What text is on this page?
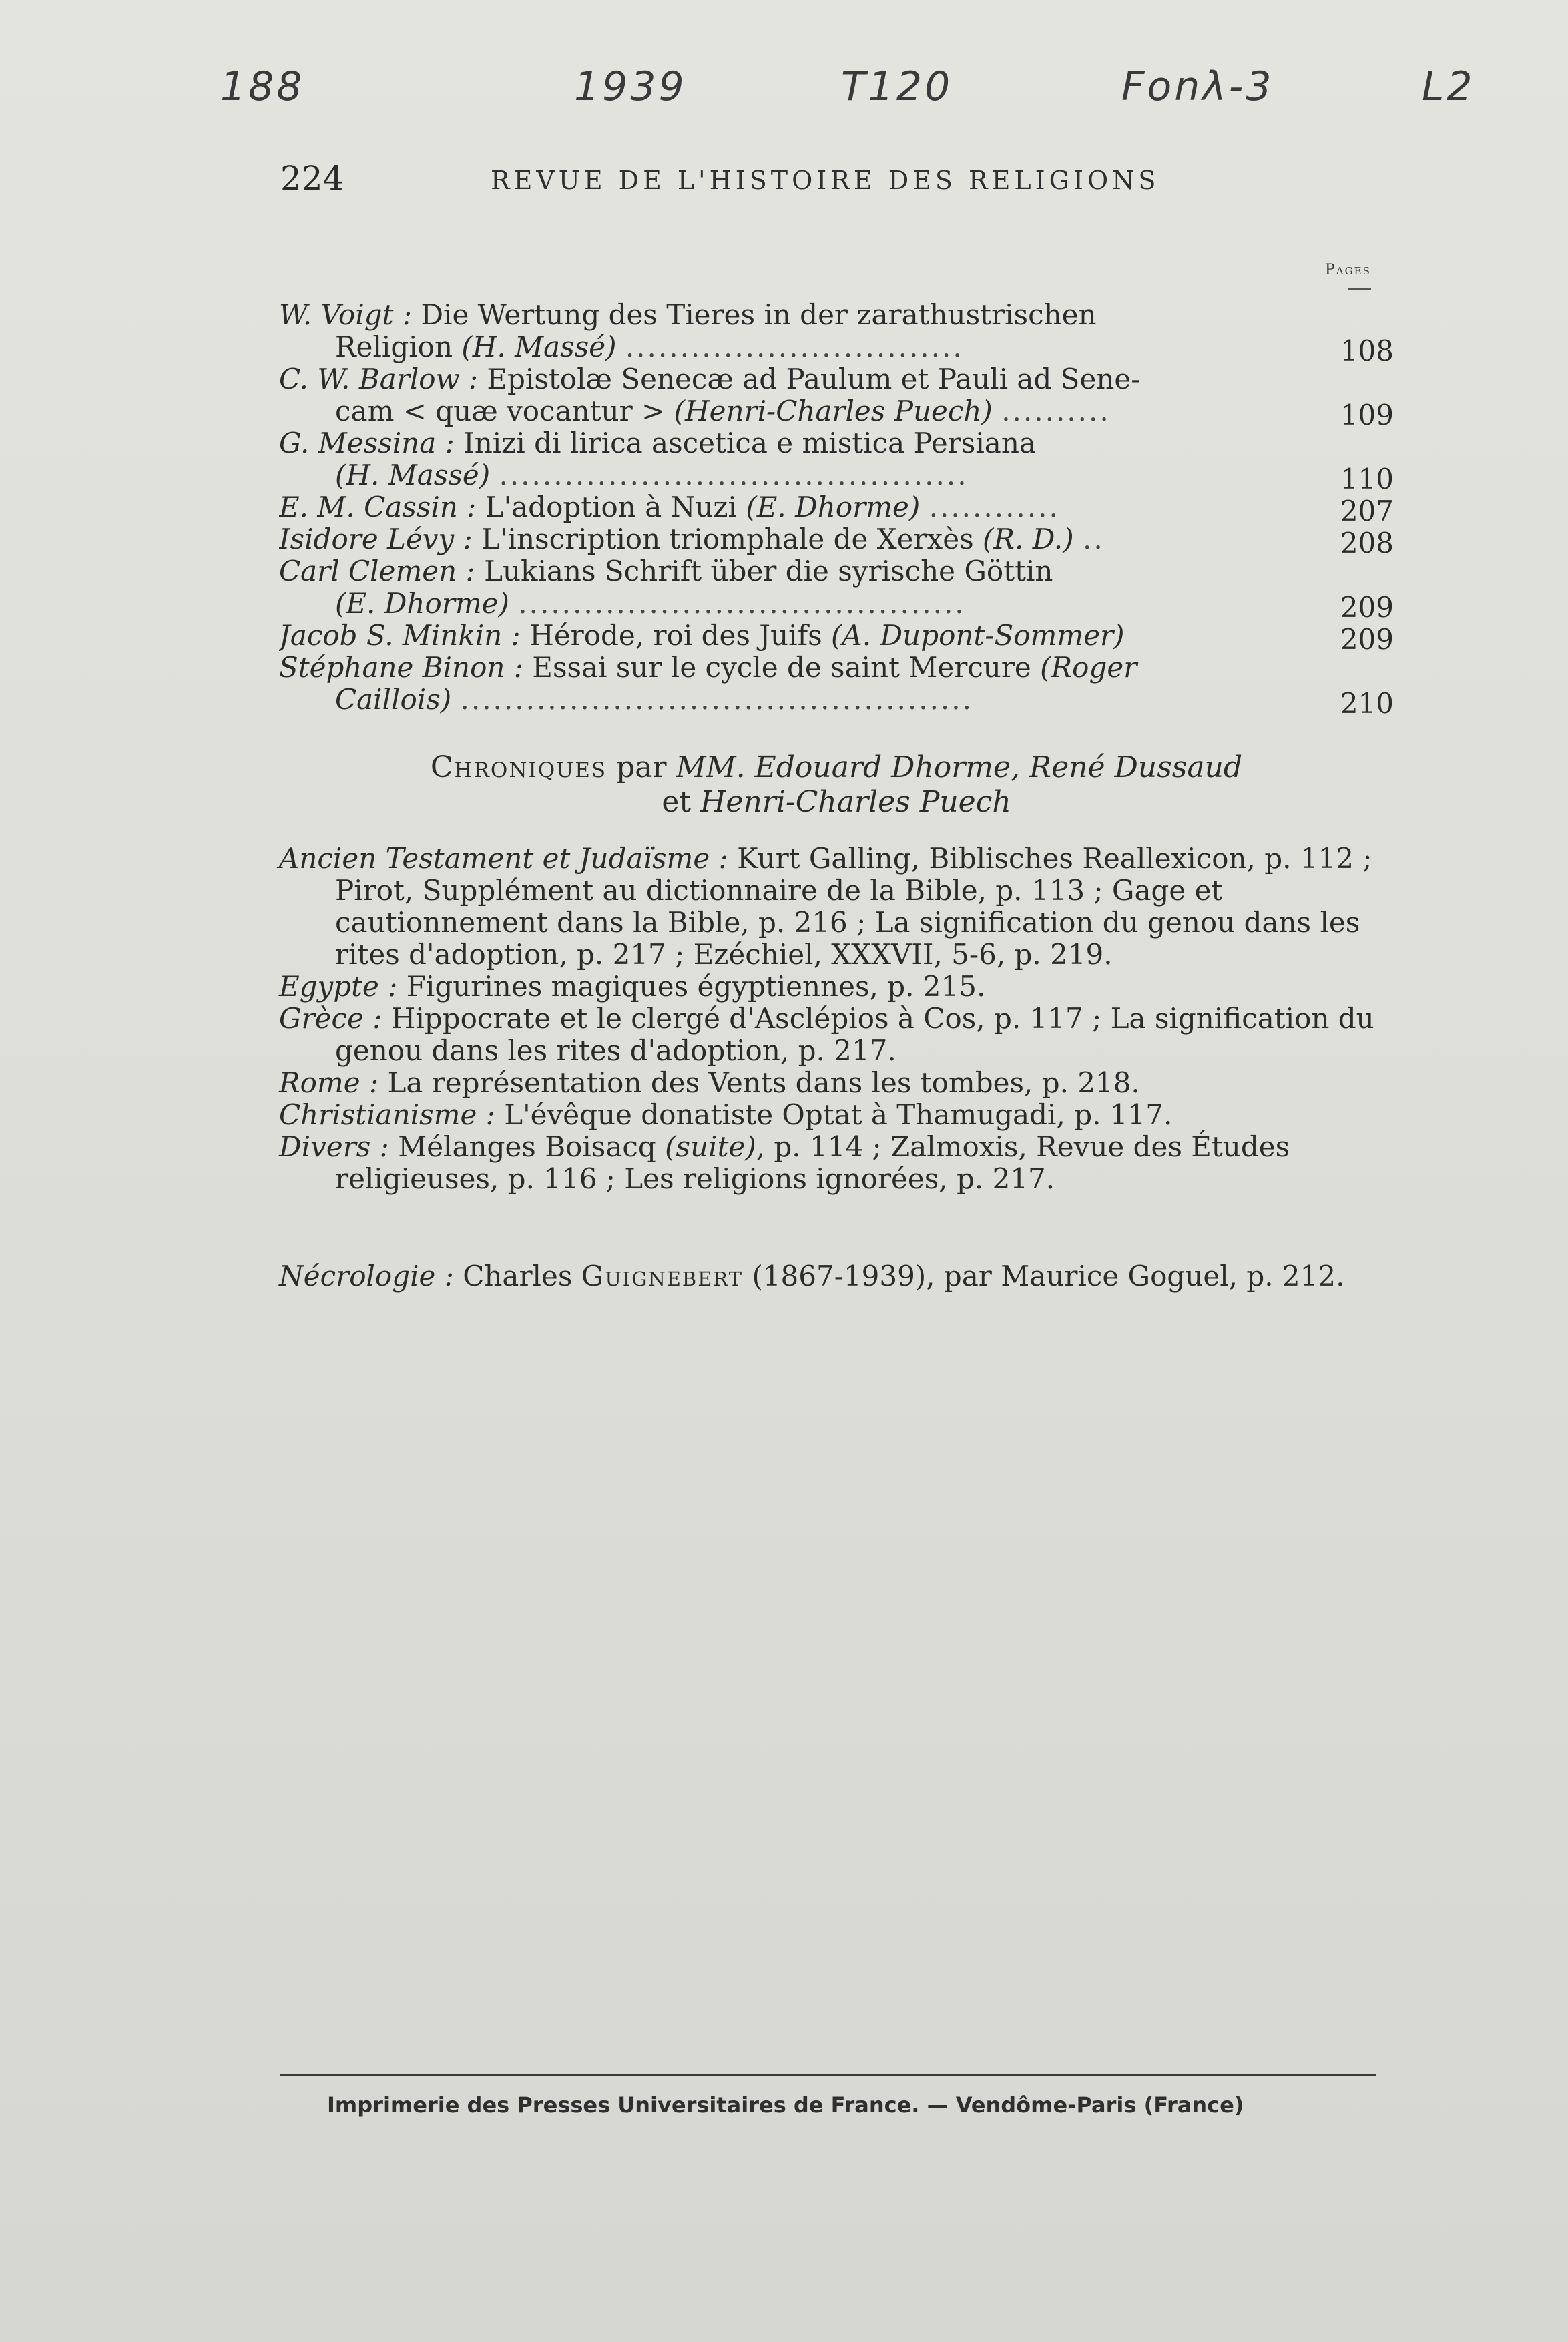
188	1939	T120	Fonλ-3	L2
224	REVUE DE L'HISTOIRE DES RELIGIONS
Pages
W. Voigt : Die Wertung des Tieres in der zarathustrischen
Religion (H. Massé) ...............................	108
C. W. Barlow : Epistolæ Senecæ ad Paulum et Pauli ad Sene-
cam < quæ vocantur > (Henri-Charles Puech) ..........	109
G. Messina : Inizi di lirica ascetica e mistica Persiana
(H. Massé) ...........................................	110
E. M. Cassin : L'adoption à Nuzi (E. Dhorme) ............	207
Isidore Lévy : L'inscription triomphale de Xerxès (R. D.) ..	208
Carl Clemen : Lukians Schrift über die syrische Göttin
(E. Dhorme) .........................................	209
Jacob S. Minkin : Hérode, roi des Juifs (A. Dupont-Sommer)	209
Stéphane Binon : Essai sur le cycle de saint Mercure (Roger
Caillois) ...............................................	210
Chroniques par MM. Edouard Dhorme, René Dussaud
et Henri-Charles Puech

Ancien Testament et Judaïsme : Kurt Galling, Biblisches Reallexicon, p. 112 ; Pirot, Supplément au dictionnaire de la Bible, p. 113 ; Gage et cautionnement dans la Bible, p. 216 ; La signification du genou dans les rites d'adoption, p. 217 ; Ezéchiel, XXXVII, 5-6, p. 219.

Egypte : Figurines magiques égyptiennes, p. 215.

Grèce : Hippocrate et le clergé d'Asclépios à Cos, p. 117 ; La signification du genou dans les rites d'adoption, p. 217.

Rome : La représentation des Vents dans les tombes, p. 218.

Christianisme : L'évêque donatiste Optat à Thamugadi, p. 117.

Divers : Mélanges Boisacq (suite), p. 114 ; Zalmoxis, Revue des Études religieuses, p. 116 ; Les religions ignorées, p. 217.

Nécrologie : Charles Guignebert (1867-1939), par Maurice Goguel, p. 212.

Imprimerie des Presses Universitaires de France. — Vendôme-Paris (France)
